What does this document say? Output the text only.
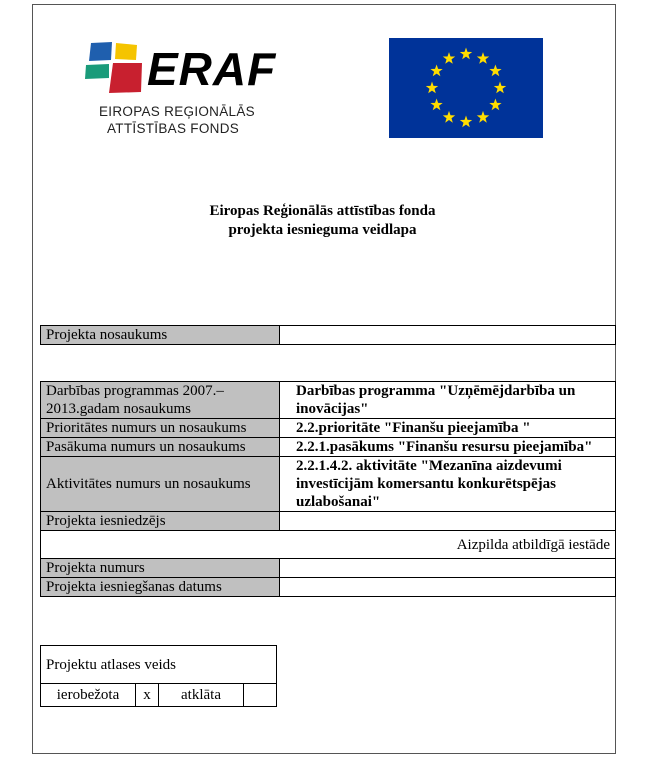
ERAF
EIROPAS REĢIONĀLĀS
ATTĪSTĪBAS FONDS
Eiropas Reģionālās attīstības fonda
projekta iesnieguma veidlapa
Projekta nosaukums	
Darbības programmas 2007.–2013.gadam nosaukums	Darbības programma "Uzņēmējdarbība un inovācijas"
Prioritātes numurs un nosaukums	2.2.prioritāte "Finanšu pieejamība "
Pasākuma numurs un nosaukums	2.2.1.pasākums "Finanšu resursu pieejamība"
Aktivitātes numurs un nosaukums	2.2.1.4.2. aktivitāte "Mezanīna aizdevumi investīcijām komersantu konkurētspējas uzlabošanai"
Projekta iesniedzējs	
Aizpilda atbildīgā iestāde	
Projekta numurs	
Projekta iesniegšanas datums	
Projektu atlases veids
ierobežota	x	atklāta	
